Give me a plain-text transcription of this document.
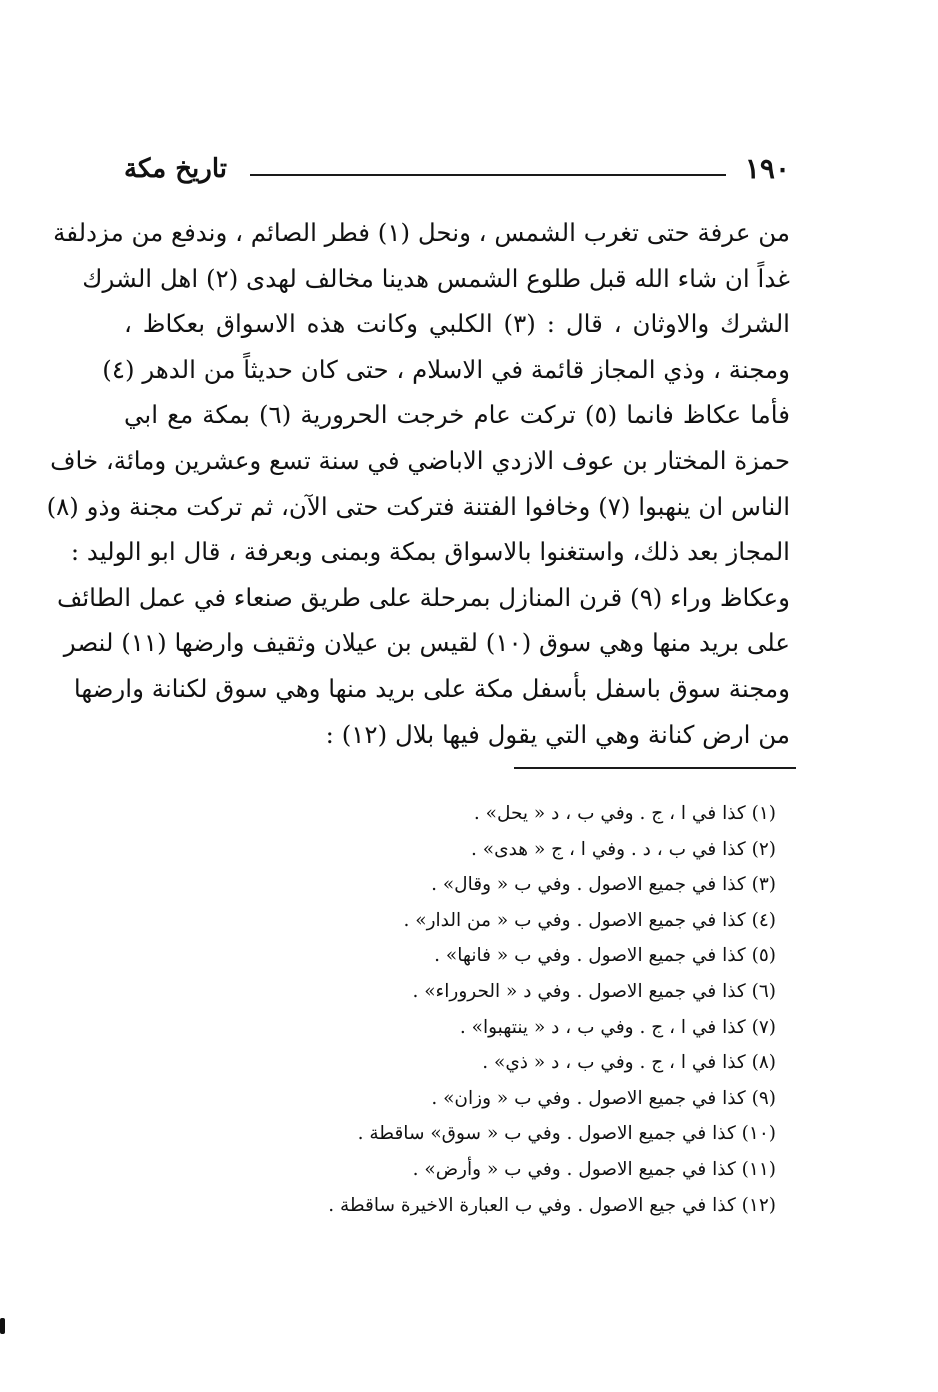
١٩٠
تاريخ مكة
من عرفة حتى تغرب الشمس ، ونحل (١) فطر الصائم ، وندفع من مزدلفة
غداً ان شاء الله قبل طلوع الشمس هدينا مخالف لهدى (٢) اهل الشرك
الشرك والاوثان ، قال : (٣) الكلبي وكانت هذه الاسواق بعكاظ ،
ومجنة ، وذي المجاز قائمة في الاسلام ، حتى كان حديثاً من الدهر (٤)
فأما عكاظ فانما (٥) تركت عام خرجت الحرورية (٦) بمكة مع ابي
حمزة المختار بن عوف الازدي الاباضي في سنة تسع وعشرين ومائة، خاف
الناس ان ينهبوا (٧) وخافوا الفتنة فتركت حتى الآن، ثم تركت مجنة وذو (٨)
المجاز بعد ذلك، واستغنوا بالاسواق بمكة وبمنى وبعرفة ، قال ابو الوليد :
وعكاظ وراء (٩) قرن المنازل بمرحلة على طريق صنعاء في عمل الطائف
على بريد منها وهي سوق (١٠) لقيس بن عيلان وثقيف وارضها (١١) لنصر
ومجنة سوق باسفل بأسفل مكة على بريد منها وهي سوق لكنانة وارضها
من ارض كنانة وهي التي يقول فيها بلال (١٢) :
(١) كذا في ا ، ج . وفي ب ، د « يحل» .
(٢) كذا في ب ، د . وفي ا ، ج « هدى» .
(٣) كذا في جميع الاصول . وفي ب « وقال» .
(٤) كذا في جميع الاصول . وفي ب « من الدار» .
(٥) كذا في جميع الاصول . وفي ب « فانها» .
(٦) كذا في جميع الاصول . وفي د « الحروراء» .
(٧) كذا في ا ، ج . وفي ب ، د « ينتهبوا» .
(٨) كذا في ا ، ج . وفي ب ، د « ذي» .
(٩) كذا في جميع الاصول . وفي ب « وزان» .
(١٠) كذا في جميع الاصول . وفي ب « سوق» ساقطة .
(١١) كذا في جميع الاصول . وفي ب « وأرض» .
(١٢) كذا في جيع الاصول . وفي ب العبارة الاخيرة ساقطة .
